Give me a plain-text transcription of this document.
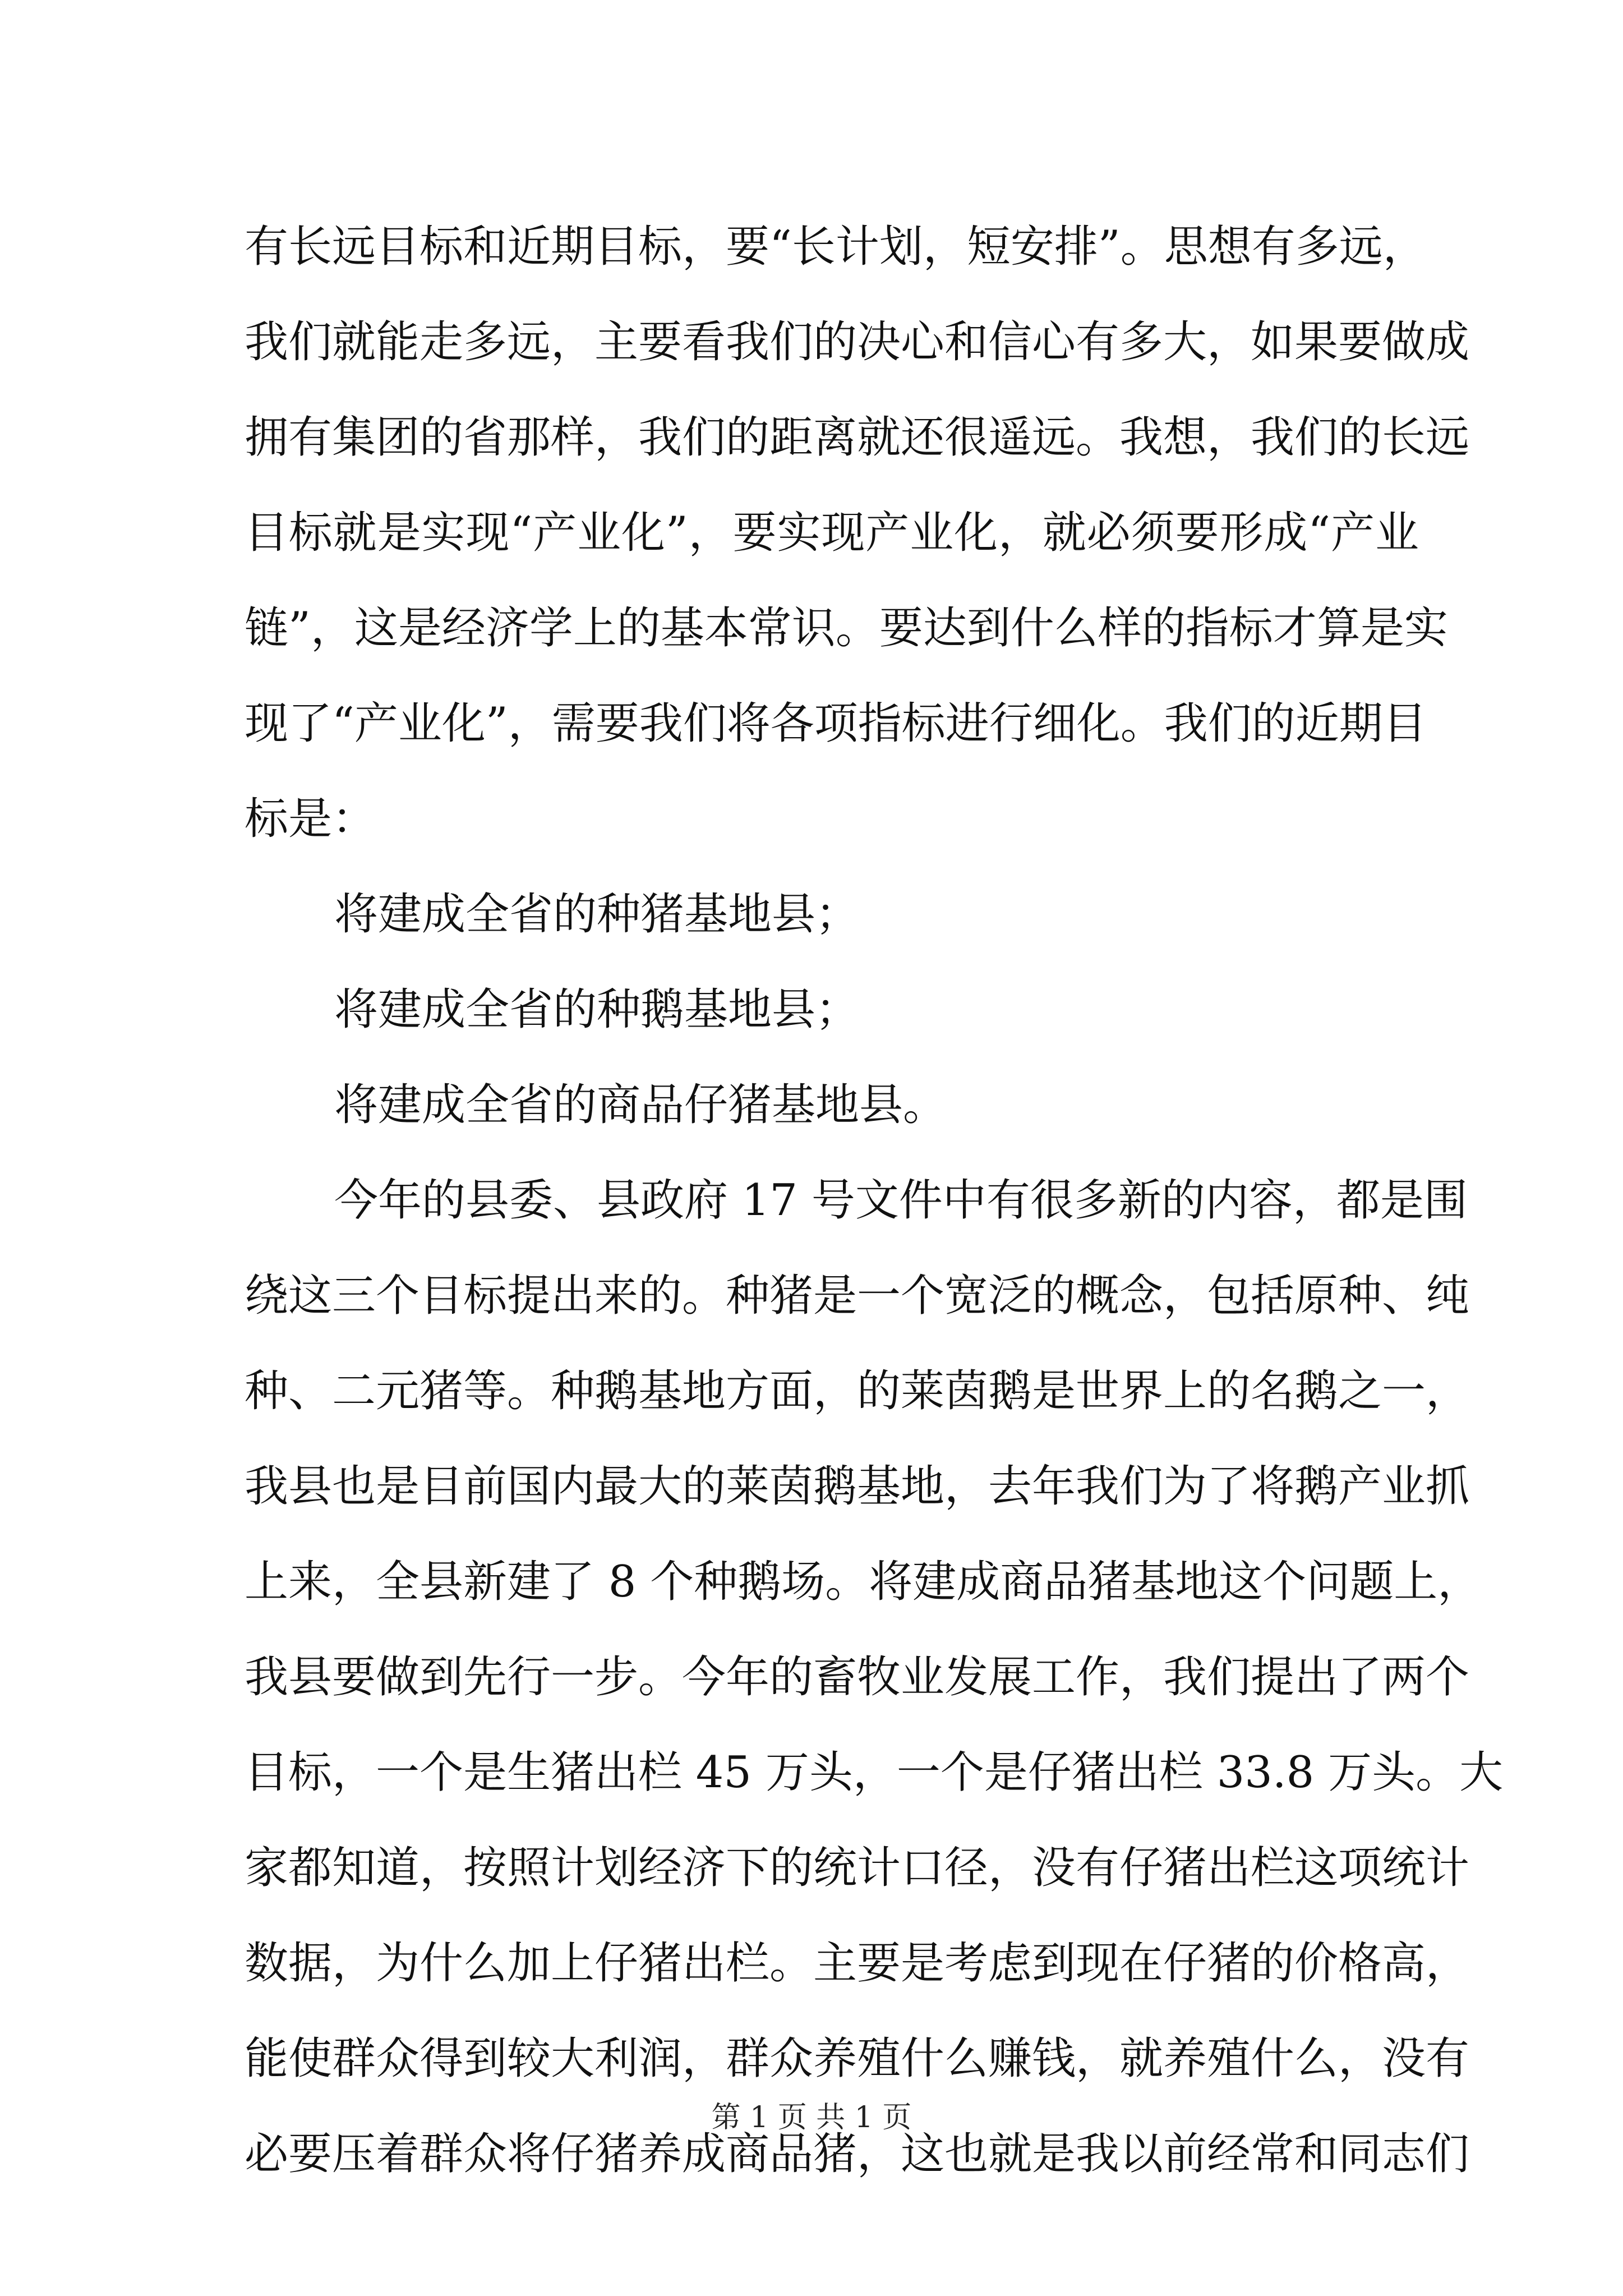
有长远目标和近期目标，要“长计划，短安排”。思想有多远，
我们就能走多远，主要看我们的决心和信心有多大，如果要做成
拥有集团的省那样，我们的距离就还很遥远。我想，我们的长远
目标就是实现“产业化”，要实现产业化，就必须要形成“产业
链”，这是经济学上的基本常识。要达到什么样的指标才算是实
现了“产业化”，需要我们将各项指标进行细化。我们的近期目
标是：
将建成全省的种猪基地县；
将建成全省的种鹅基地县；
将建成全省的商品仔猪基地县。
今年的县委、县政府 17 号文件中有很多新的内容，都是围
绕这三个目标提出来的。种猪是一个宽泛的概念，包括原种、纯
种、二元猪等。种鹅基地方面，的莱茵鹅是世界上的名鹅之一，
我县也是目前国内最大的莱茵鹅基地，去年我们为了将鹅产业抓
上来，全县新建了 8 个种鹅场。将建成商品猪基地这个问题上，
我县要做到先行一步。今年的畜牧业发展工作，我们提出了两个
目标，一个是生猪出栏 45 万头，一个是仔猪出栏 33.8 万头。大
家都知道，按照计划经济下的统计口径，没有仔猪出栏这项统计
数据，为什么加上仔猪出栏。主要是考虑到现在仔猪的价格高，
能使群众得到较大利润，群众养殖什么赚钱，就养殖什么，没有
必要压着群众将仔猪养成商品猪，这也就是我以前经常和同志们
第 1 页 共 1 页
